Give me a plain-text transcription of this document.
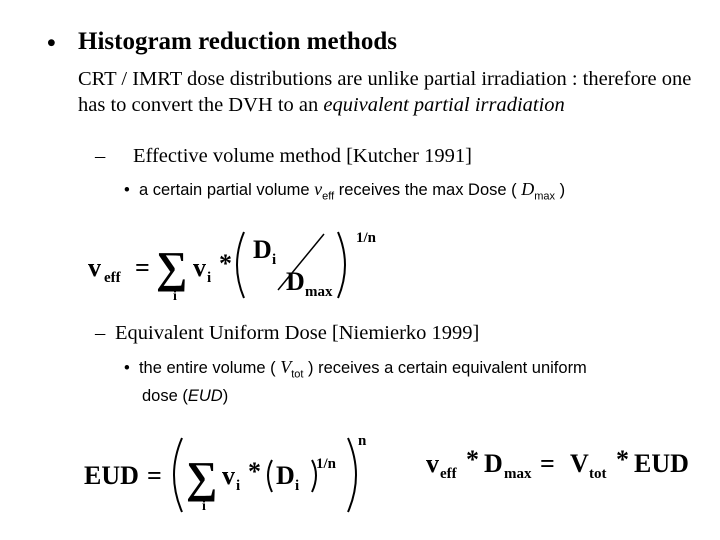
• Histogram reduction methods
CRT / IMRT dose distributions are unlike partial irradiation : therefore one has to convert the DVH to an equivalent partial irradiation
– Effective volume method [Kutcher 1991]
• a certain partial volume $v_{eff}$ receives the max Dose ( $D_{max}$ )
v eff = ∑
i
v i * D i
D max
1/n
– Equivalent Uniform Dose [Niemierko 1999]
• the entire volume ( $V_{tot}$ ) receives a certain equivalent uniform
dose (EUD)
EUD = ∑
i
v i * D i
1/n
n
v eff * D max = V tot * EUD
